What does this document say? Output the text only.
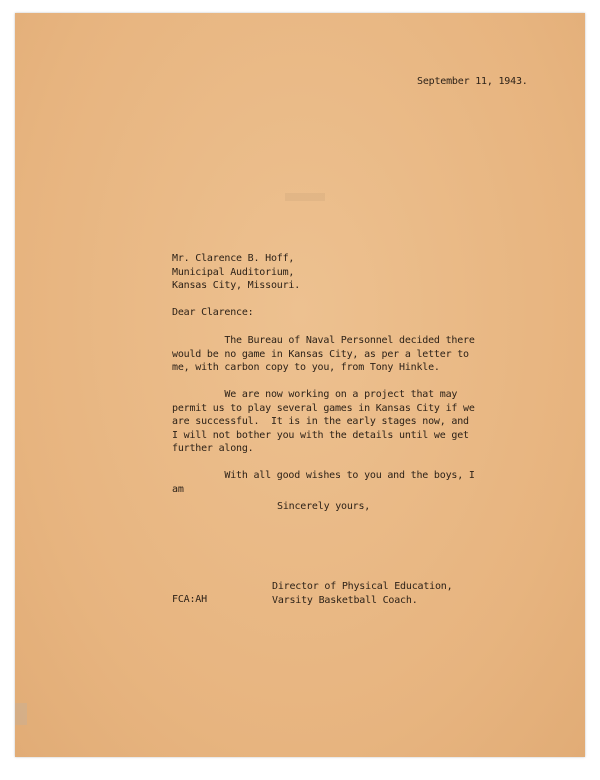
September 11, 1943.
Mr. Clarence B. Hoff,
Municipal Auditorium,
Kansas City, Missouri.
Dear Clarence:
The Bureau of Naval Personnel decided there
would be no game in Kansas City, as per a letter to
me, with carbon copy to you, from Tony Hinkle.

We are now working on a project that may
permit us to play several games in Kansas City if we
are successful.  It is in the early stages now, and
I will not bother you with the details until we get
further along.

With all good wishes to you and the boys, I
am
Sincerely yours,
FCA:AH
Director of Physical Education,
Varsity Basketball Coach.
